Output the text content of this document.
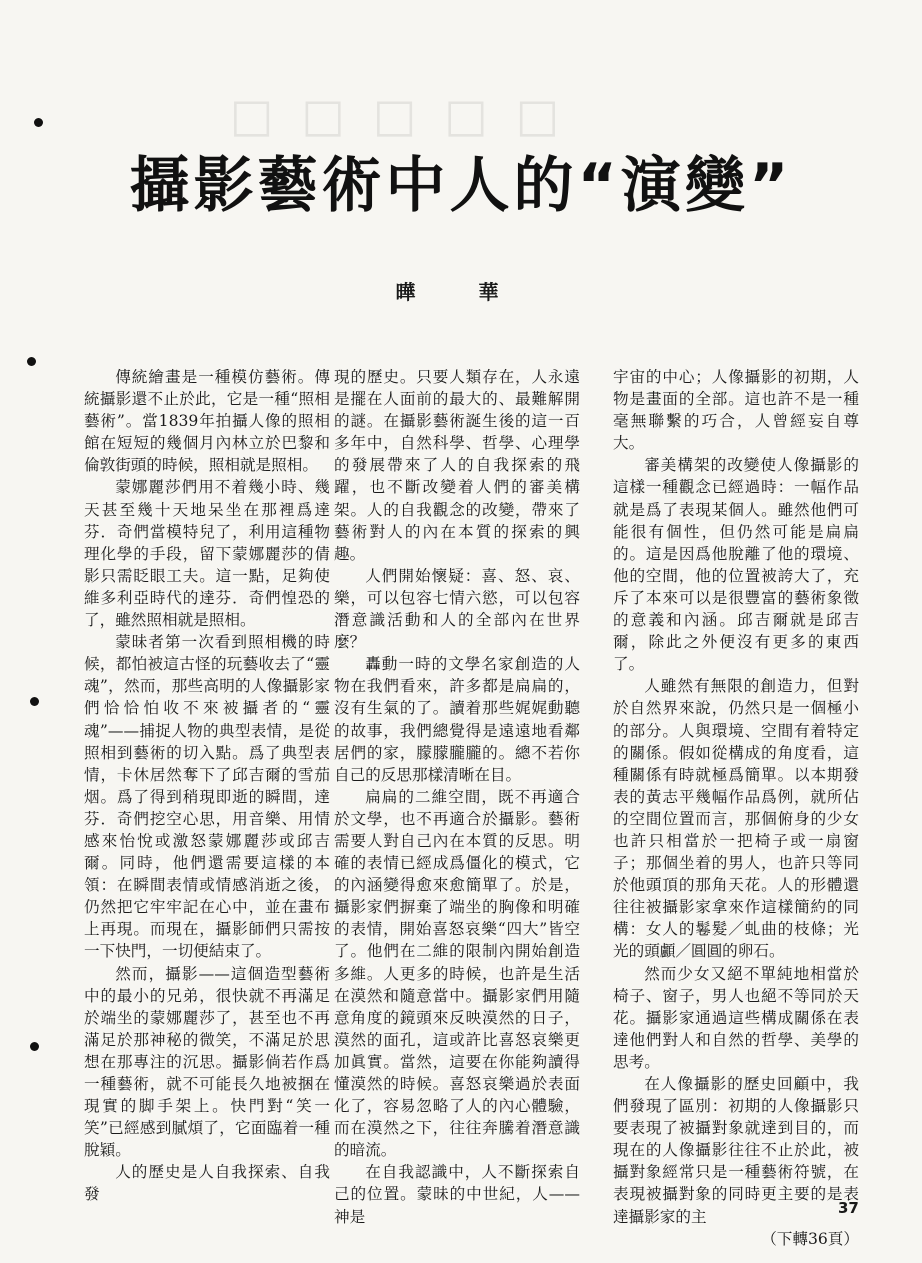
□ □ □ □ □
攝影藝術中人的“演變”
曄 華

傳統繪畫是一種模仿藝術。傳統攝影還不止於此，它是一種“照相藝術”。當1839年拍攝人像的照相館在短短的幾個月內林立於巴黎和倫敦街頭的時候，照相就是照相。

蒙娜麗莎們用不着幾小時、幾天甚至幾十天地呆坐在那裡爲達芬．奇們當模特兒了，利用這種物理化學的手段，留下蒙娜麗莎的倩影只需眨眼工夫。這一點，足夠使維多利亞時代的達芬．奇們惶恐的了，雖然照相就是照相。

蒙昧者第一次看到照相機的時候，都怕被這古怪的玩藝收去了“靈魂”，然而，那些高明的人像攝影家們恰恰怕收不來被攝者的“靈魂”——捕捉人物的典型表情，是從照相到藝術的切入點。爲了典型表情，卡休居然奪下了邱吉爾的雪茄烟。爲了得到稍現即逝的瞬間，達芬．奇們挖空心思，用音樂、用情感來怡悅或激怒蒙娜麗莎或邱吉爾。同時，他們還需要這樣的本領：在瞬間表情或情感消逝之後，仍然把它牢牢記在心中，並在畫布上再現。而現在，攝影師們只需按一下快門，一切便結束了。

然而，攝影——這個造型藝術中的最小的兄弟，很快就不再滿足於端坐的蒙娜麗莎了，甚至也不再滿足於那神秘的微笑，不滿足於思想在那專注的沉思。攝影倘若作爲一種藝術，就不可能長久地被捆在現實的脚手架上。快門對“笑一笑”已經感到膩煩了，它面臨着一種脫穎。

人的歷史是人自我探索、自我發

現的歷史。只要人類存在，人永遠是擺在人面前的最大的、最難解開的謎。在攝影藝術誕生後的這一百多年中，自然科學、哲學、心理學的發展帶來了人的自我探索的飛躍，也不斷改變着人們的審美構架。人的自我觀念的改變，帶來了藝術對人的內在本質的探索的興趣。

人們開始懷疑：喜、怒、哀、樂，可以包容七情六慾，可以包容潛意識活動和人的全部內在世界麼？

轟動一時的文學名家創造的人物在我們看來，許多都是扁扁的，沒有生氣的了。讀着那些娓娓動聽的故事，我們總覺得是遠遠地看鄰居們的家，朦朦朧朧的。總不若你自己的反思那樣清晰在目。

扁扁的二維空間，既不再適合於文學，也不再適合於攝影。藝術需要人對自己內在本質的反思。明確的表情已經成爲僵化的模式，它的內涵變得愈來愈簡單了。於是，攝影家們摒棄了端坐的胸像和明確的表情，開始喜怒哀樂“四大”皆空了。他們在二維的限制內開始創造多維。人更多的時候，也許是生活在漠然和隨意當中。攝影家們用隨意角度的鏡頭來反映漠然的日子，漠然的面孔，這或許比喜怒哀樂更加眞實。當然，這要在你能夠讀得懂漠然的時候。喜怒哀樂過於表面化了，容易忽略了人的內心體驗，而在漠然之下，往往奔騰着潛意識的暗流。

在自我認識中，人不斷探索自己的位置。蒙昧的中世紀，人——神是

宇宙的中心；人像攝影的初期，人物是畫面的全部。這也許不是一種毫無聯繫的巧合，人曾經妄自尊大。

審美構架的改變使人像攝影的這樣一種觀念已經過時：一幅作品就是爲了表現某個人。雖然他們可能很有個性，但仍然可能是扁扁的。這是因爲他脫離了他的環境、他的空間，他的位置被誇大了，充斥了本來可以是很豐富的藝術象徵的意義和內涵。邱吉爾就是邱吉爾，除此之外便沒有更多的東西了。

人雖然有無限的創造力，但對於自然界來說，仍然只是一個極小的部分。人與環境、空間有着特定的關係。假如從構成的角度看，這種關係有時就極爲簡單。以本期發表的黃志平幾幅作品爲例，就所佔的空間位置而言，那個俯身的少女也許只相當於一把椅子或一扇窗子；那個坐着的男人，也許只等同於他頭頂的那角天花。人的形體還往往被攝影家拿來作這樣簡約的同構：女人的鬈髮／虬曲的枝條；光光的頭顱／圓圓的卵石。

然而少女又絕不單純地相當於椅子、窗子，男人也絕不等同於天花。攝影家通過這些構成關係在表達他們對人和自然的哲學、美學的思考。

在人像攝影的歷史回顧中，我們發現了區別：初期的人像攝影只要表現了被攝對象就達到目的，而現在的人像攝影往往不止於此，被攝對象經常只是一種藝術符號，在表現被攝對象的同時更主要的是表達攝影家的主

（下轉36頁）
37
